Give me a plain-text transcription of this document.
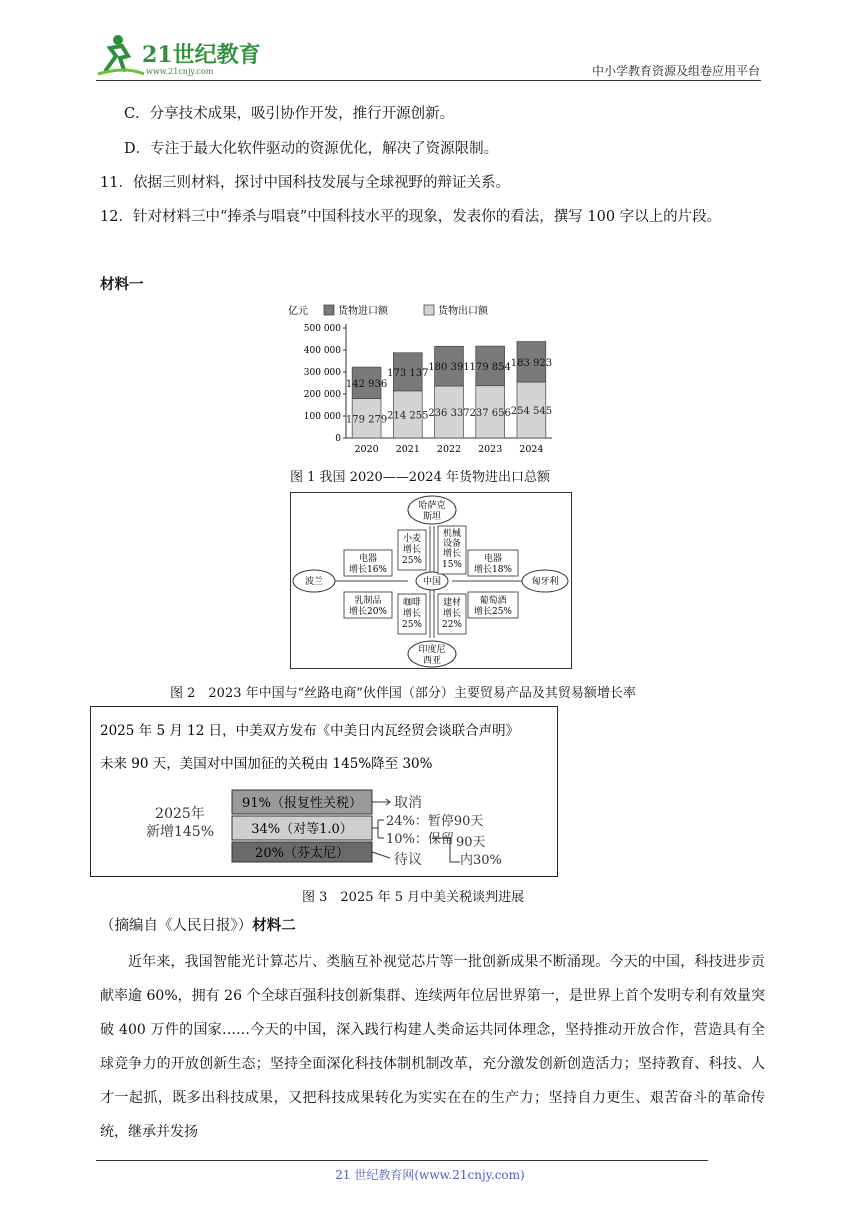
21世纪教育
www.21cnjy.com	中小学教育资源及组卷应用平台
C．分享技术成果，吸引协作开发，推行开源创新。
D．专注于最大化软件驱动的资源优化，解决了资源限制。
11．依据三则材料，探讨中国科技发展与全球视野的辩证关系。
12．针对材料三中“捧杀与唱衰”中国科技水平的现象，发表你的看法，撰写 100 字以上的片段。
材料一
0
100 000
200 000
300 000
400 000
500 000
179 279
142 936
2020
214 255
173 137
2021
236 337
180 391
2022
237 656
179 854
2023
254 545
183 923
2024
亿元	货物进口额	货物出口额
图 1 我国 2020——2024 年货物进出口总额
哈萨克
斯坦
印度尼
西亚
波兰	匈牙利
中国
电器
增长16%
电器
增长18%
乳制品
增长20%
葡萄酒
增长25%
小麦
增长
25%
机械
设备
增长
15%
咖啡
增长
25%
建材
增长
22%
图 2　2023 年中国与“丝路电商”伙伴国（部分）主要贸易产品及其贸易额增长率
2025 年 5 月 12 日，中美双方发布《中美日内瓦经贸会谈联合声明》
未来 90 天，美国对中国加征的关税由 145%降至 30%
2025年
新增145%
91%（报复性关税）
34%（对等1.0）
20%（芬太尼）
取消
24%：暂停90天
10%：保留
待议
90天
内30%
图 3　2025 年 5 月中美关税谈判进展
（摘编自《人民日报》）材料二

近年来，我国智能光计算芯片、类脑互补视觉芯片等一批创新成果不断涌现。今天的中国，科技进步贡献率逾 60%，拥有 26 个全球百强科技创新集群、连续两年位居世界第一，是世界上首个发明专利有效量突破 400 万件的国家……今天的中国，深入践行构建人类命运共同体理念，坚持推动开放合作，营造具有全球竞争力的开放创新生态；坚持全面深化科技体制机制改革，充分激发创新创造活力；坚持教育、科技、人才一起抓，既多出科技成果，又把科技成果转化为实实在在的生产力；坚持自力更生、艰苦奋斗的革命传统，继承并发扬

21 世纪教育网(www.21cnjy.com)
